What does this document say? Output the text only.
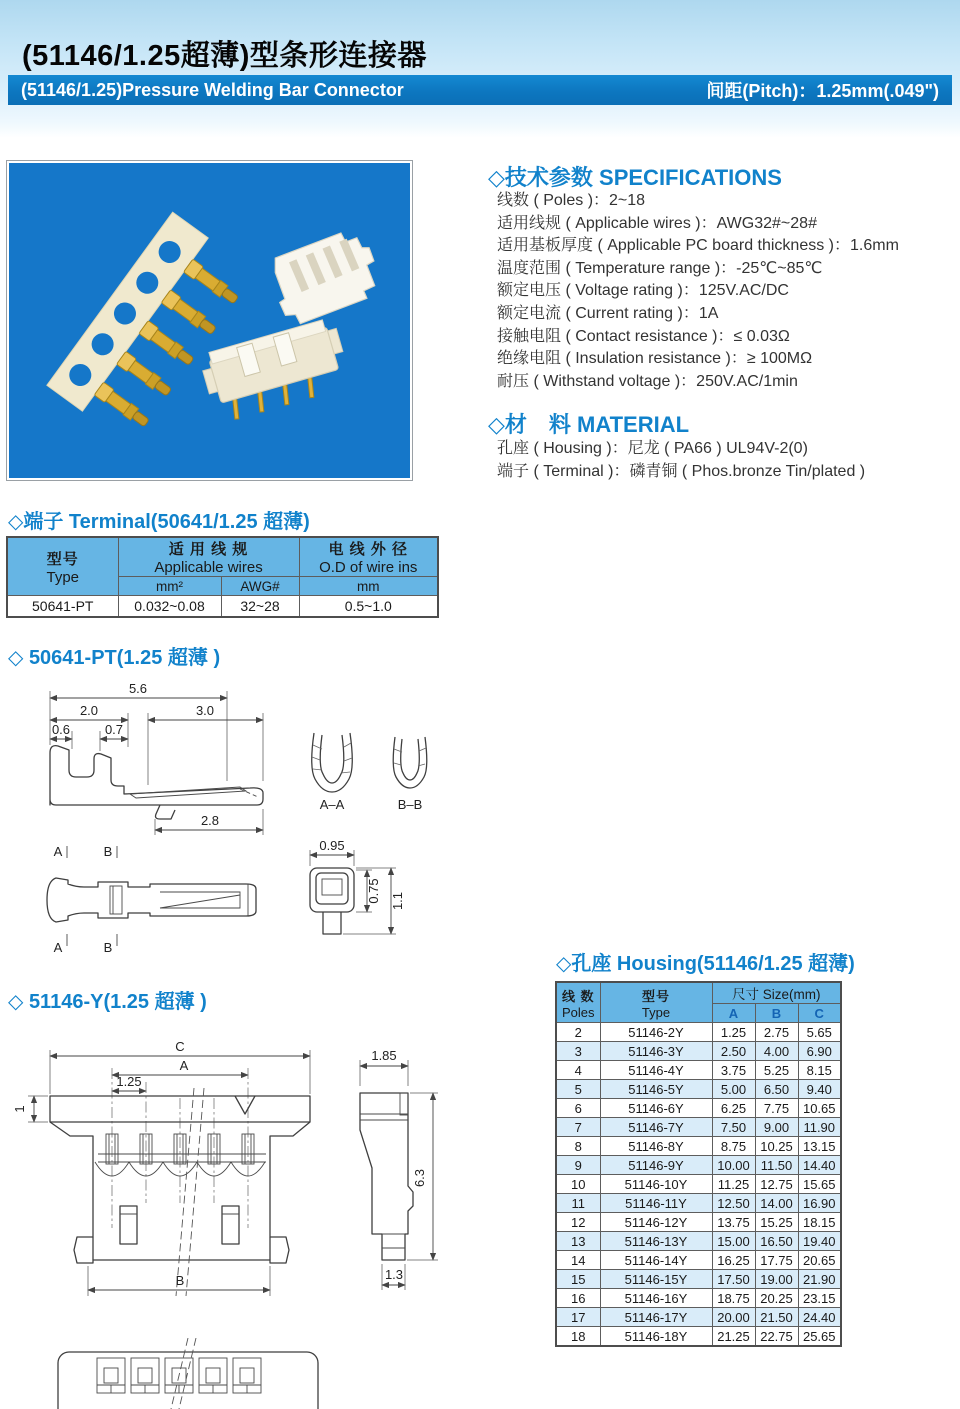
(51146/1.25超薄)型条形连接器
(51146/1.25)Pressure Welding Bar Connector	间距(Pitch)：1.25mm(.049")
◇技术参数 SPECIFICATIONS
线数 ( Poles )：2~18
适用线规 ( Applicable wires )：AWG32#~28#
适用基板厚度 ( Applicable PC board thickness )：1.6mm
温度范围 ( Temperature range )：-25℃~85℃
额定电压 ( Voltage rating )：125V.AC/DC
额定电流 ( Current rating )：1A
接触电阻 ( Contact resistance )：≤ 0.03Ω
绝缘电阻 ( Insulation resistance )：≥ 100MΩ
耐压 ( Withstand voltage )：250V.AC/1min
◇材　料 MATERIAL
孔座 ( Housing )：尼龙 ( PA66 ) UL94V-2(0)
端子 ( Terminal )：磷青铜 ( Phos.bronze Tin/plated )
◇端子 Terminal(50641/1.25 超薄)
型号
Type

适 用 线 规
Applicable wires

电 线 外 径
O.D of wire ins

	mm²	AWG#	mm
50641-PT	0.032~0.08	32~28	0.5~1.0
◇ 50641-PT(1.25 超薄 )
5.6
2.0	3.0
0.6	0.7
2.8
A–A	B–B
A	B
A	B
0.95
0.75 1.1
◇ 51146-Y(1.25 超薄 )
C
A
1.25
1
B
1.85
6.3
1.3
◇孔座 Housing(51146/1.25 超薄)
线 数
Poles

型号
Type
	尺寸 Size(mm)
		A	B	C
2	51146-2Y	1.25	2.75	5.65
3	51146-3Y	2.50	4.00	6.90
4	51146-4Y	3.75	5.25	8.15
5	51146-5Y	5.00	6.50	9.40
6	51146-6Y	6.25	7.75	10.65
7	51146-7Y	7.50	9.00	11.90
8	51146-8Y	8.75	10.25	13.15
9	51146-9Y	10.00	11.50	14.40
10	51146-10Y	11.25	12.75	15.65
11	51146-11Y	12.50	14.00	16.90
12	51146-12Y	13.75	15.25	18.15
13	51146-13Y	15.00	16.50	19.40
14	51146-14Y	16.25	17.75	20.65
15	51146-15Y	17.50	19.00	21.90
16	51146-16Y	18.75	20.25	23.15
17	51146-17Y	20.00	21.50	24.40
18	51146-18Y	21.25	22.75	25.65
